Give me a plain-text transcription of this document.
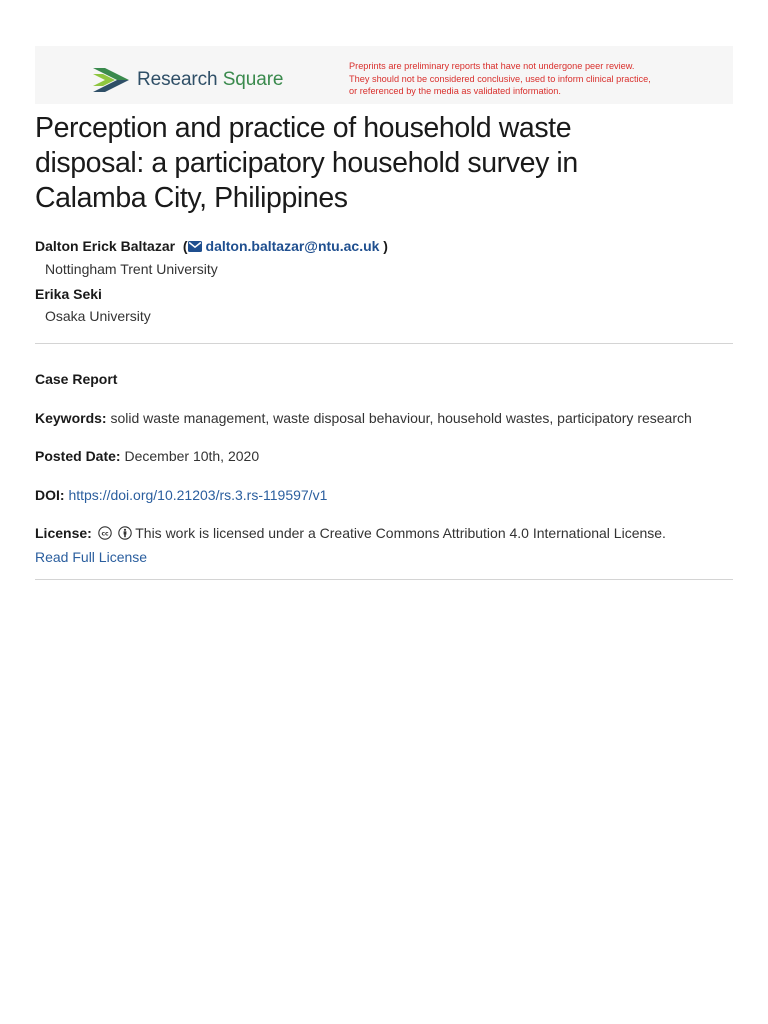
Research Square
Preprints are preliminary reports that have not undergone peer review.
They should not be considered conclusive, used to inform clinical practice,
or referenced by the media as validated information.
Perception and practice of household waste
disposal: a participatory household survey in
Calamba City, Philippines
Dalton Erick Baltazar  ( dalton.baltazar@ntu.ac.uk )
Nottingham Trent University
Erika Seki
Osaka University
Case Report
Keywords: solid waste management, waste disposal behaviour, household wastes, participatory research
Posted Date: December 10th, 2020
DOI: https://doi.org/10.21203/rs.3.rs-119597/v1
License: cc This work is licensed under a Creative Commons Attribution 4.0 International License.
Read Full License
